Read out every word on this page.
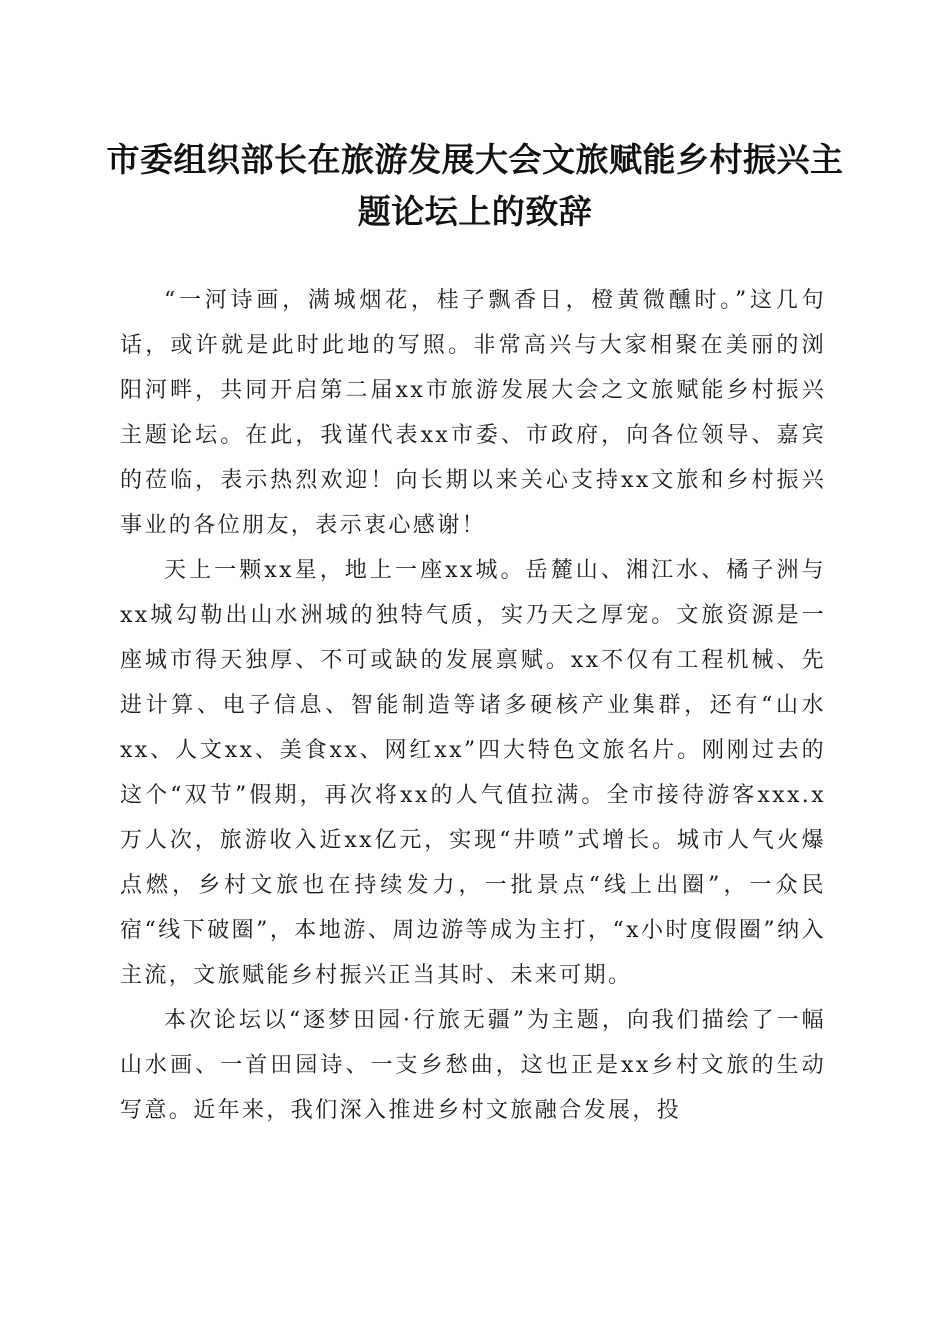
市委组织部长在旅游发展大会文旅赋能乡村振兴主题论坛上的致辞

“一河诗画，满城烟花，桂子飘香日，橙黄微醺时。”这几句话，或许就是此时此地的写照。非常高兴与大家相聚在美丽的浏阳河畔，共同开启第二届xx市旅游发展大会之文旅赋能乡村振兴主题论坛。在此，我谨代表xx市委、市政府，向各位领导、嘉宾的莅临，表示热烈欢迎！向长期以来关心支持xx文旅和乡村振兴事业的各位朋友，表示衷心感谢！

天上一颗xx星，地上一座xx城。岳麓山、湘江水、橘子洲与xx城勾勒出山水洲城的独特气质，实乃天之厚宠。文旅资源是一座城市得天独厚、不可或缺的发展禀赋。xx不仅有工程机械、先进计算、电子信息、智能制造等诸多硬核产业集群，还有“山水xx、人文xx、美食xx、网红xx”四大特色文旅名片。刚刚过去的这个“双节”假期，再次将xx的人气值拉满。全市接待游客xxx.x万人次，旅游收入近xx亿元，实现“井喷”式增长。城市人气火爆点燃，乡村文旅也在持续发力，一批景点“线上出圈”，一众民宿“线下破圈”，本地游、周边游等成为主打，“x小时度假圈”纳入主流，文旅赋能乡村振兴正当其时、未来可期。

本次论坛以“逐梦田园·行旅无疆”为主题，向我们描绘了一幅山水画、一首田园诗、一支乡愁曲，这也正是xx乡村文旅的生动写意。近年来，我们深入推进乡村文旅融合发展，投
